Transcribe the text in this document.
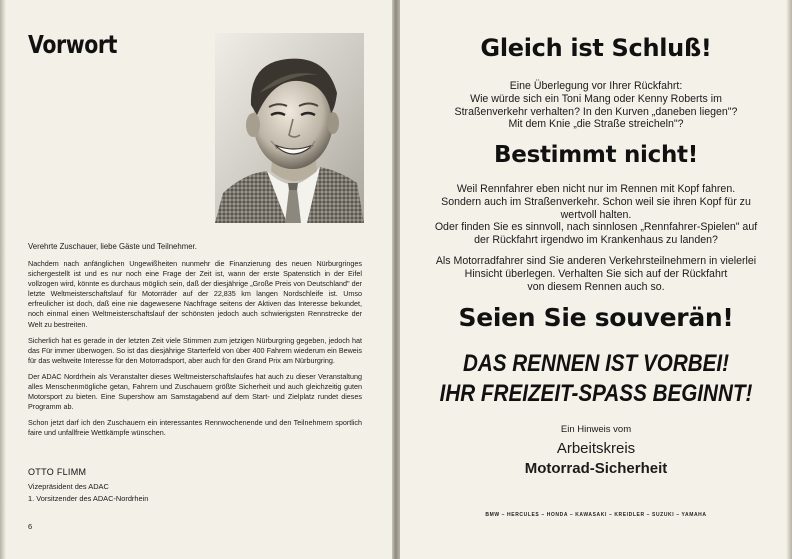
Vorwort
Verehrte Zuschauer, liebe Gäste und Teilnehmer.

Nachdem nach anfänglichen Ungewißheiten nunmehr die Finanzierung des neuen Nürburgringes sichergestellt ist und es nur noch eine Frage der Zeit ist, wann der erste Spatenstich in der Eifel vollzogen wird, könnte es durchaus möglich sein, daß der diesjährige „Große Preis von Deutschland" der letzte Weltmeisterschaftslauf für Motorräder auf der 22,835 km langen Nordschleife ist. Umso erfreulicher ist doch, daß eine nie dagewesene Nachfrage seitens der Aktiven das Interesse bekundet, noch einmal einen Weltmeisterschaftslauf der schönsten jedoch auch schwierigsten Rennstrecke der Welt zu bestreiten.

Sicherlich hat es gerade in der letzten Zeit viele Stimmen zum jetzigen Nürburgring gegeben, jedoch hat das Für immer überwogen. So ist das diesjährige Starterfeld von über 400 Fahrern wiederum ein Beweis für das weltweite Interesse für den Motorradsport, aber auch für den Grand Prix am Nürburgring.

Der ADAC Nordrhein als Veranstalter dieses Weltmeisterschaftslaufes hat auch zu dieser Veranstaltung alles Menschenmögliche getan, Fahrern und Zuschauern größte Sicherheit und auch gleichzeitig guten Motorsport zu bieten. Eine Supershow am Samstagabend auf dem Start- und Zielplatz rundet dieses Programm ab.

Schon jetzt darf ich den Zuschauern ein interessantes Rennwochenende und den Teilnehmern sportlich faire und unfallfreie Wettkämpfe wünschen.

OTTO FLIMM
Vizepräsident des ADAC
1. Vorsitzender des ADAC-Nordrhein
6
Gleich ist Schluß!
Eine Überlegung vor Ihrer Rückfahrt:
Wie würde sich ein Toni Mang oder Kenny Roberts im
Straßenverkehr verhalten? In den Kurven „daneben liegen"?
Mit dem Knie „die Straße streicheln"?
Bestimmt nicht!
Weil Rennfahrer eben nicht nur im Rennen mit Kopf fahren.
Sondern auch im Straßenverkehr. Schon weil sie ihren Kopf für zu
wertvoll halten.
Oder finden Sie es sinnvoll, nach sinnlosen „Rennfahrer-Spielen" auf
der Rückfahrt irgendwo im Krankenhaus zu landen?
Als Motorradfahrer sind Sie anderen Verkehrsteilnehmern in vielerlei
Hinsicht überlegen. Verhalten Sie sich auf der Rückfahrt
von diesem Rennen auch so.
Seien Sie souverän!
DAS RENNEN IST VORBEI!
IHR FREIZEIT-SPASS BEGINNT!
Ein Hinweis vom
Arbeitskreis
Motorrad-Sicherheit
BMW – HERCULES – HONDA – KAWASAKI – KREIDLER – SUZUKI – YAMAHA
